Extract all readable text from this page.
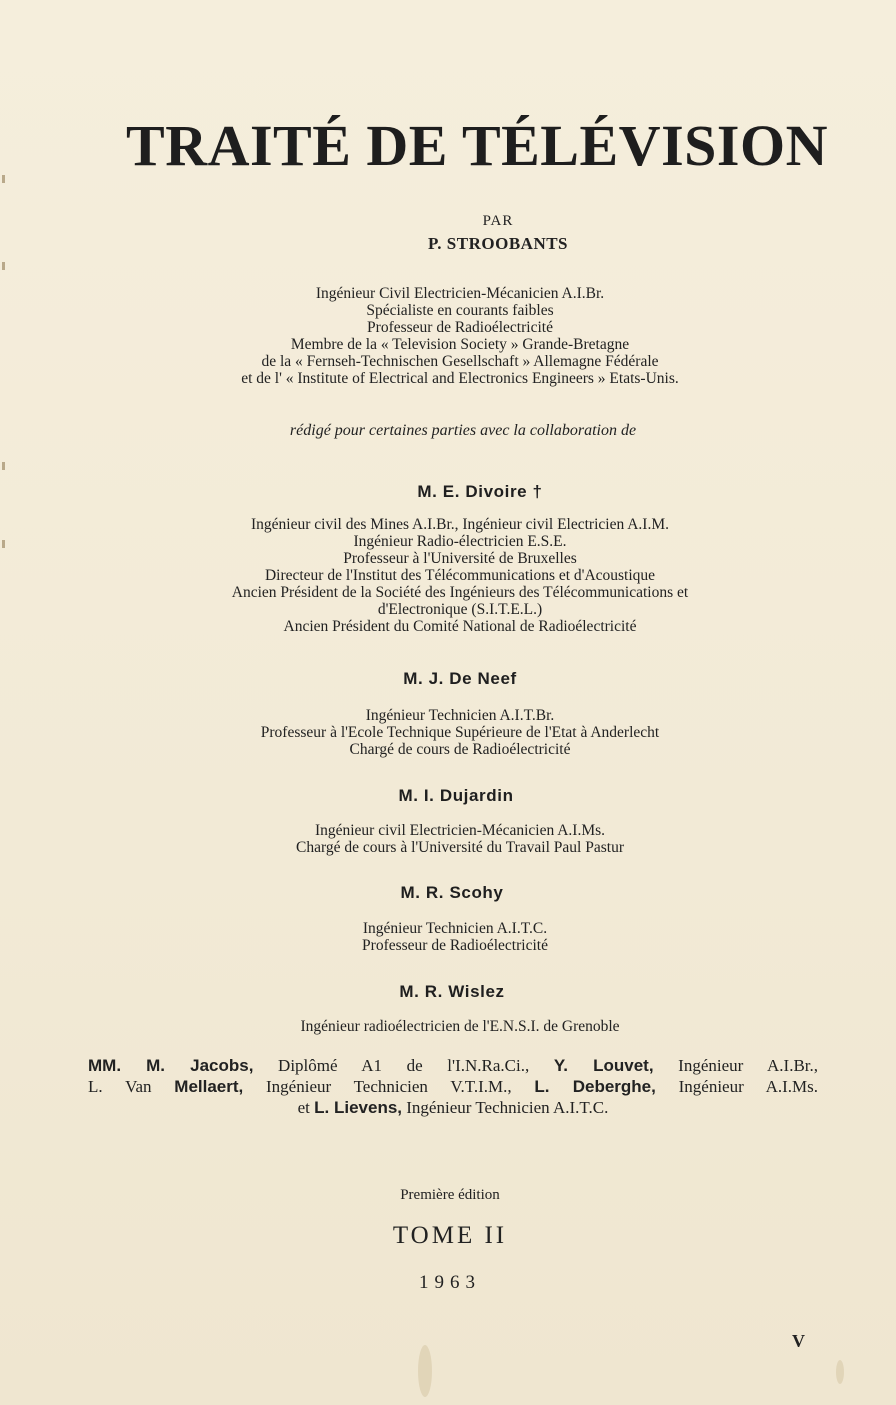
TRAITÉ DE TÉLÉVISION
PAR
P. STROOBANTS
Ingénieur Civil Electricien-Mécanicien A.I.Br.
Spécialiste en courants faibles
Professeur de Radioélectricité
Membre de la « Television Society » Grande-Bretagne
de la « Fernseh-Technischen Gesellschaft » Allemagne Fédérale
et de l' « Institute of Electrical and Electronics Engineers » Etats-Unis.
rédigé pour certaines parties avec la collaboration de
M. E. Divoire †
Ingénieur civil des Mines A.I.Br., Ingénieur civil Electricien A.I.M.
Ingénieur Radio-électricien E.S.E.
Professeur à l'Université de Bruxelles
Directeur de l'Institut des Télécommunications et d'Acoustique
Ancien Président de la Société des Ingénieurs des Télécommunications et
d'Electronique (S.I.T.E.L.)
Ancien Président du Comité National de Radioélectricité
M. J. De Neef
Ingénieur Technicien A.I.T.Br.
Professeur à l'Ecole Technique Supérieure de l'Etat à Anderlecht
Chargé de cours de Radioélectricité
M. I. Dujardin
Ingénieur civil Electricien-Mécanicien A.I.Ms.
Chargé de cours à l'Université du Travail Paul Pastur
M. R. Scohy
Ingénieur Technicien A.I.T.C.
Professeur de Radioélectricité
M. R. Wislez
Ingénieur radioélectricien de l'E.N.S.I. de Grenoble
MM. M. Jacobs, Diplômé A1 de l'I.N.Ra.Ci., Y. Louvet, Ingénieur A.I.Br.,
L. Van Mellaert, Ingénieur Technicien V.T.I.M., L. Deberghe, Ingénieur A.I.Ms.
et L. Lievens, Ingénieur Technicien A.I.T.C.
Première édition
TOME II
1963
V
